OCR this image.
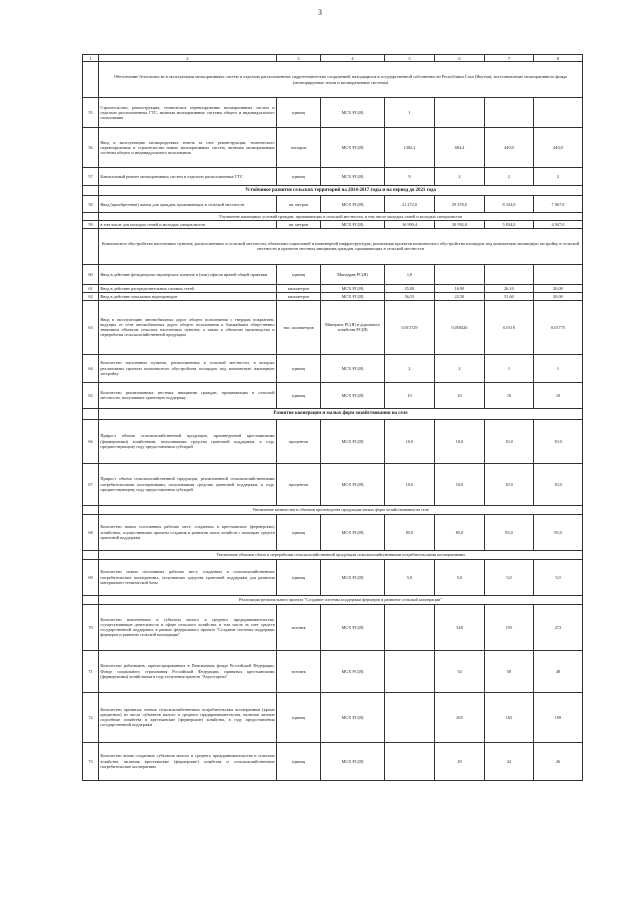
3
1	2	3	4	5	6	7	8
	Обеспечение безопасности в эксплуатации мелиоративных систем и отдельно расположенных гидротехнических сооружений, находящихся в государственной собственности Республики Саха (Якутия); восстановление мелиоративного фонда (мелиорируемые земли и мелиоративные системы)						
55	Строительство, реконструкция, техническое перевооружение мелиоративных систем и отдельно расположенных ГТС, включая мелиоративные системы общего и индивидуального пользования	единиц	МСХ РС(Я)	1			
56	Ввод в эксплуатацию мелиорируемых земель за счет реконструкции, технического перевооружения и строительства новых мелиоративных систем, включая мелиоративные системы общего и индивидуального пользования	гектаров	МСХ РС(Я)	1382,2	684,4	440,0	440,0
57	Капитальный ремонт мелиоративных систем и отдельно расположенных ГТС	единиц	МСХ РС(Я)	9	2	2	2
	Устойчивое развитие сельских территорий на 2014-2017 годы и на период до 2021 года						
58	Ввод (приобретение) жилья для граждан, проживающих в сельской местности	кв. метров	МСХ РС(Я)	21 272,0	29 376,0	8 334,0	7 067,0
	Улучшение жилищных условий граждан, проживающих в сельской местности, в том числе молодых семей и молодых специалистов						
59	в том числе для молодых семей и молодых специалистов	кв. метров	МСХ РС(Я)	16 990,4	20 592,0	5 834,0	4 947,0
	Комплексное обустройство населенных пунктов, расположенных в сельской местности, объектами социальной и инженерной инфраструктуры; реализация проектов комплексного обустройства площадок под компактную жилищную застройку в сельской местности и проектов местных инициатив граждан, проживающих в сельской местности						
60	Ввод в действие фельдшерско-акушерских пунктов и (или) офисов врачей общей практики	единиц	Минздрав РС(Я)	1,0			
61	Ввод в действие распределительных газовых сетей	километров	МСХ РС(Я)	25,00	16,90	26,10	20,00
62	Ввод в действие локальных водопроводов	километров	МСХ РС(Я)	56,55	22,30	51,60	30,00
63	Ввод в эксплуатацию автомобильных дорог общего пользования с твердым покрытием, ведущих от сети автомобильных дорог общего пользования к ближайшим общественно значимым объектам сельских населенных пунктов, а также к объектам производства и переработки сельскохозяйственной продукции	тыс. километров	Минтранс РС(Я) и дорожного хозяйства РС(Я)	0,015729	0,058426	0,0118	0,01775
64	Количество населенных пунктов, расположенных в сельской местности, в которых реализованы проекты комплексного обустройства площадок под компактную жилищную застройку	единиц	МСХ РС(Я)	2	2	1	1
65	Количество реализованных местных инициатив граждан, проживающих в сельской местности, получивших грантовую поддержку	единиц	МСХ РС(Я)	10	10	10	10
	Развитие кооперации и малых форм хозяйствования на селе						
66	Прирост объема сельскохозяйственной продукции, произведенной крестьянскими (фермерскими) хозяйствами, получившими средства грантовой поддержки, к году, предшествующему году предоставления субсидий	процентов	МСХ РС(Я)	10,0	10,0	10,0	10,0
67	Прирост объема сельскохозяйственной продукции, реализованной сельскохозяйственными потребительскими кооперативами, получившими средства грантовой поддержки, к году, предшествующему году предоставления субсидий	процентов	МСХ РС(Я)	10,0	10,0	10,0	10,0
	Увеличение количества и объемов производства продукции малых форм хозяйствования на селе						
68	Количество новых постоянных рабочих мест, созданных в крестьянских (фермерских) хозяйствах, осуществивших проекты создания и развития своих хозяйств с помощью средств грантовой поддержки	единиц	МСХ РС(Я)	85,0	85,0	85,0	95,0
	Увеличение объемов сбыта и переработки сельскохозяйственной продукции сельскохозяйственными потребительскими кооперативами						
69	Количество новых постоянных рабочих мест, созданных в сельскохозяйственных потребительских кооперативах, получивших средства грантовой поддержки для развития материально-технической базы	единиц	МСХ РС(Я)	5,0	5,0	5,0	5,0
	Реализация регионального проекта "Создание системы поддержки фермеров и развитие сельской кооперации"						
70	Количество вовлеченных в субъекты малого и среднего предпринимательства, осуществляющие деятельность в сфере сельского хозяйства, в том числе за счет средств государственной поддержки, в рамках федерального проекта "Создание системы поддержки фермеров и развитие сельской кооперации"	человек	МСХ РС(Я)		348	195	272
71	Количество работников, зарегистрированных в Пенсионном фонде Российской Федерации, Фонде социального страхования Российской Федерации, принятых крестьянскими (фермерскими) хозяйствами в году получения грантов "Агростартап"	человек	МСХ РС(Я)		54	58	48
72	Количество принятых членов сельскохозяйственных потребительских кооперативов (кроме кредитных) из числа субъектов малого и среднего предпринимательства, включая личные подсобные хозяйства и крестьянские (фермерские) хозяйства, в году предоставления государственной поддержки	единиц	МСХ РС(Я)		265	165	198
73	Количество вновь созданных субъектов малого и среднего предпринимательства в сельском хозяйстве, включая крестьянские (фермерские) хозяйства и сельскохозяйственные потребительские кооперативы	единиц	МСХ РС(Я)		29	32	26
